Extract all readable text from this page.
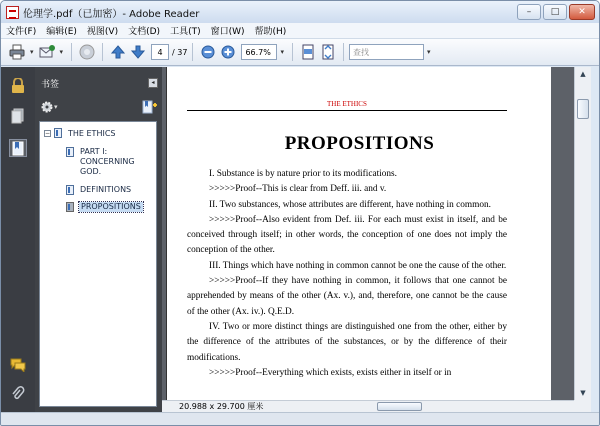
伦理学.pdf（已加密）- Adobe Reader	–	□	✕
文件(F)	编辑(E)	视图(V)	文档(D)	工具(T)	窗口(W)	帮助(H)
▾	▾	4	/ 37	66.7%	▾	查找	▾
书签	◂
▾
− THE ETHICS
PART I:
CONCERNING
GOD.
DEFINITIONS
PROPOSITIONS
THE ETHICS
PROPOSITIONS

I. Substance is by nature prior to its modifications.

>>>>>Proof--This is clear from Deff. iii. and v.

II. Two substances, whose attributes are different, have nothing in common.

>>>>>Proof--Also evident from Def. iii. For each must exist in itself, and be conceived through itself; in other words, the conception of one does not imply the conception of the other.

III. Things which have nothing in common cannot be one the cause of the other.

>>>>>Proof--If they have nothing in common, it follows that one cannot be apprehended by means of the other (Ax. v.), and, therefore, one cannot be the cause of the other (Ax. iv.). Q.E.D.

IV. Two or more distinct things are distinguished one from the other, either by the difference of the attributes of the substances, or by the difference of their modifications.

>>>>>Proof--Everything which exists, exists either in itself or in

▲
▼
20.988 x 29.700 厘米
